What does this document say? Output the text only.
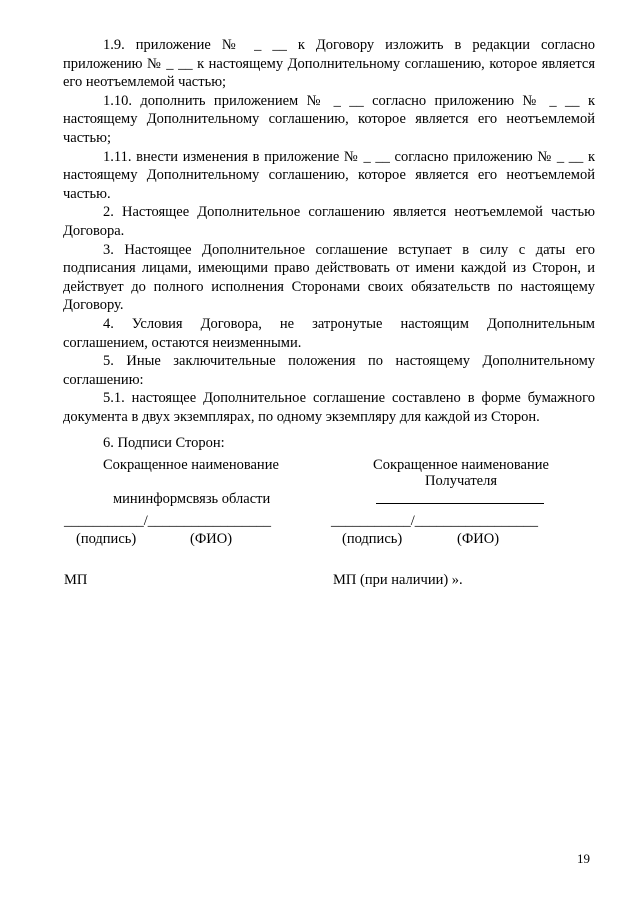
1.9. приложение № _ __ к Договору изложить в редакции согласно приложению № _ __ к настоящему Дополнительному соглашению, которое является его неотъемлемой частью;

1.10. дополнить приложением № _ __ согласно приложению № _ __ к настоящему Дополнительному соглашению, которое является его неотъемлемой частью;

1.11. внести изменения в приложение № _ __ согласно приложению № _ __ к настоящему Дополнительному соглашению, которое является его неотъемлемой частью.

2. Настоящее Дополнительное соглашению является неотъемлемой частью Договора.

3. Настоящее Дополнительное соглашение вступает в силу с даты его подписания лицами, имеющими право действовать от имени каждой из Сторон, и действует до полного исполнения Сторонами своих обязательств по настоящему Договору.

4. Условия Договора, не затронутые настоящим Дополнительным соглашением, остаются неизменными.

5. Иные заключительные положения по настоящему Дополнительному соглашению:

5.1. настоящее Дополнительное соглашение составлено в форме бумажного документа в двух экземплярах, по одному экземпляру для каждой из Сторон.

6. Подписи Сторон:
Сокращенное наименование
мининформсвязь области
___________/_________________
(подпись)	(ФИО)
МП
Сокращенное наименование
Получателя
___________/_________________
(подпись)	(ФИО)
МП (при наличии) ».
19
